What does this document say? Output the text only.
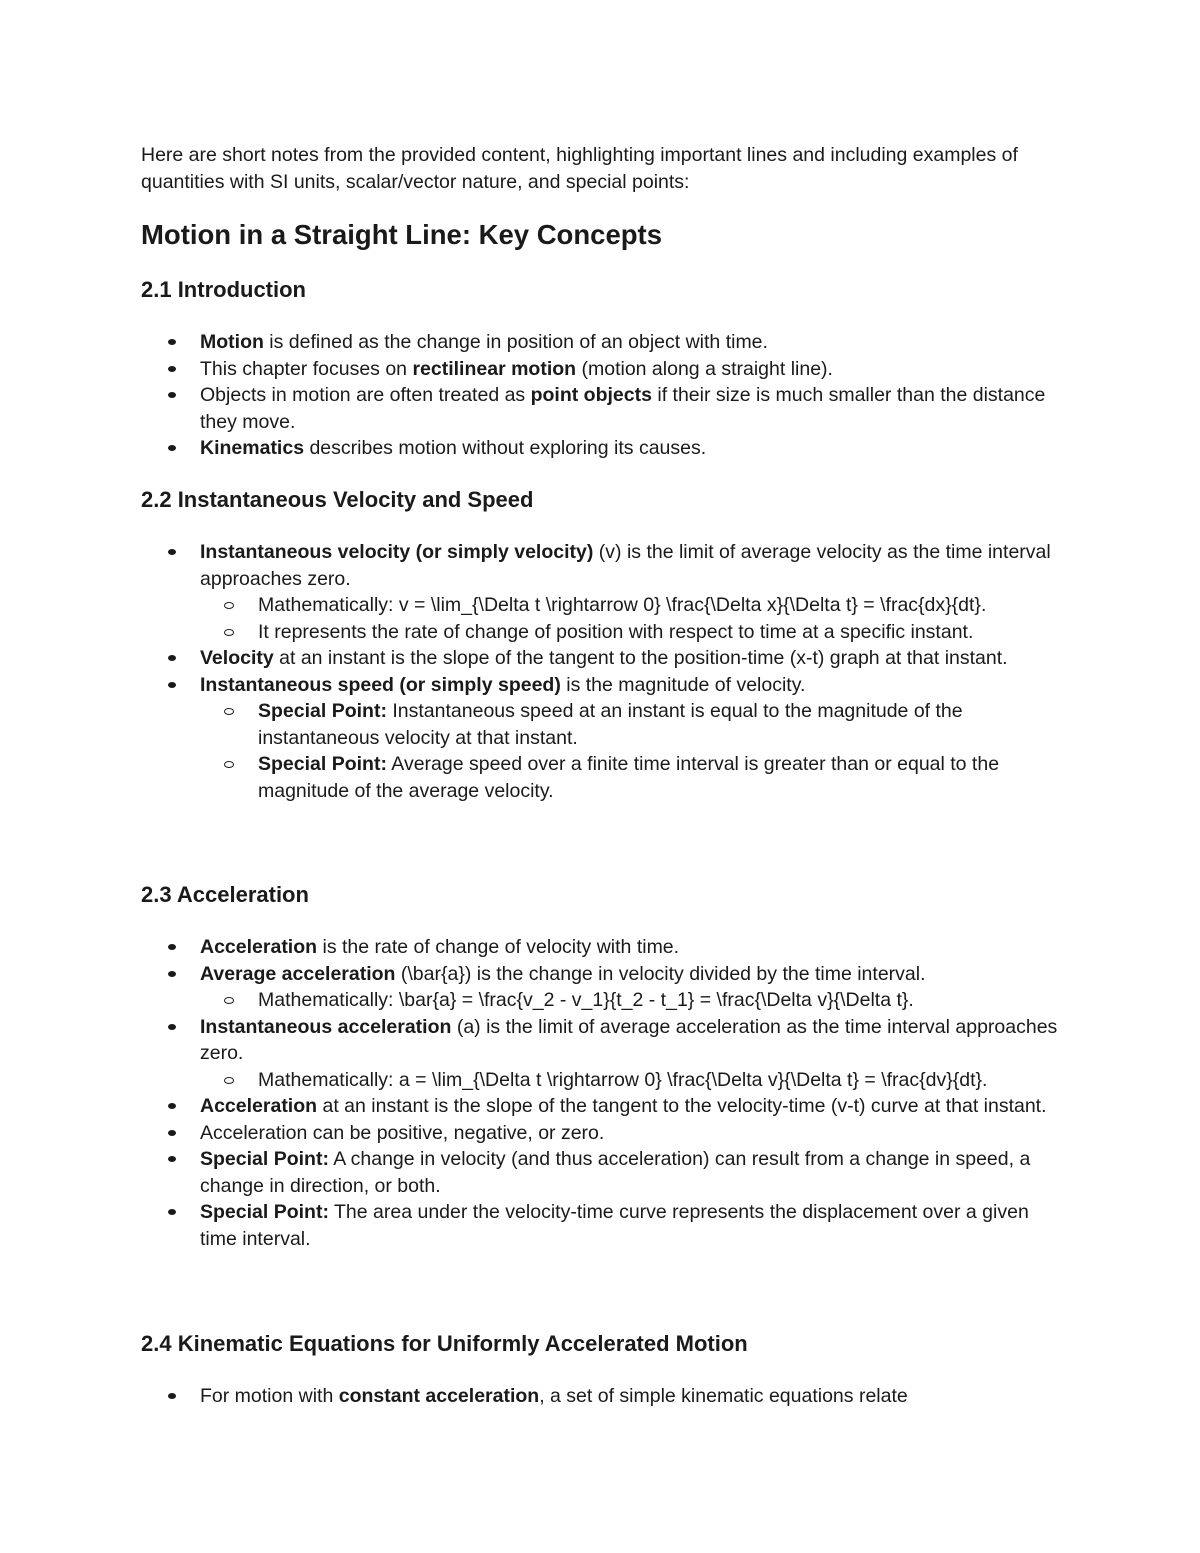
Here are short notes from the provided content, highlighting important lines and including examples of quantities with SI units, scalar/vector nature, and special points:

Motion in a Straight Line: Key Concepts
2.1 Introduction
Motion is defined as the change in position of an object with time.
This chapter focuses on rectilinear motion (motion along a straight line).
Objects in motion are often treated as point objects if their size is much smaller than the distance they move.
Kinematics describes motion without exploring its causes.
2.2 Instantaneous Velocity and Speed
Instantaneous velocity (or simply velocity) (v) is the limit of average velocity as the time interval approaches zero.
Mathematically: v = \lim_{\Delta t \rightarrow 0} \frac{\Delta x}{\Delta t} = \frac{dx}{dt}.
It represents the rate of change of position with respect to time at a specific instant.
Velocity at an instant is the slope of the tangent to the position-time (x-t) graph at that instant.
Instantaneous speed (or simply speed) is the magnitude of velocity.
Special Point: Instantaneous speed at an instant is equal to the magnitude of the instantaneous velocity at that instant.
Special Point: Average speed over a finite time interval is greater than or equal to the magnitude of the average velocity.
2.3 Acceleration
Acceleration is the rate of change of velocity with time.
Average acceleration (\bar{a}) is the change in velocity divided by the time interval.
Mathematically: \bar{a} = \frac{v_2 - v_1}{t_2 - t_1} = \frac{\Delta v}{\Delta t}.
Instantaneous acceleration (a) is the limit of average acceleration as the time interval approaches zero.
Mathematically: a = \lim_{\Delta t \rightarrow 0} \frac{\Delta v}{\Delta t} = \frac{dv}{dt}.
Acceleration at an instant is the slope of the tangent to the velocity-time (v-t) curve at that instant.
Acceleration can be positive, negative, or zero.
Special Point: A change in velocity (and thus acceleration) can result from a change in speed, a change in direction, or both.
Special Point: The area under the velocity-time curve represents the displacement over a given time interval.
2.4 Kinematic Equations for Uniformly Accelerated Motion
For motion with constant acceleration, a set of simple kinematic equations relate
